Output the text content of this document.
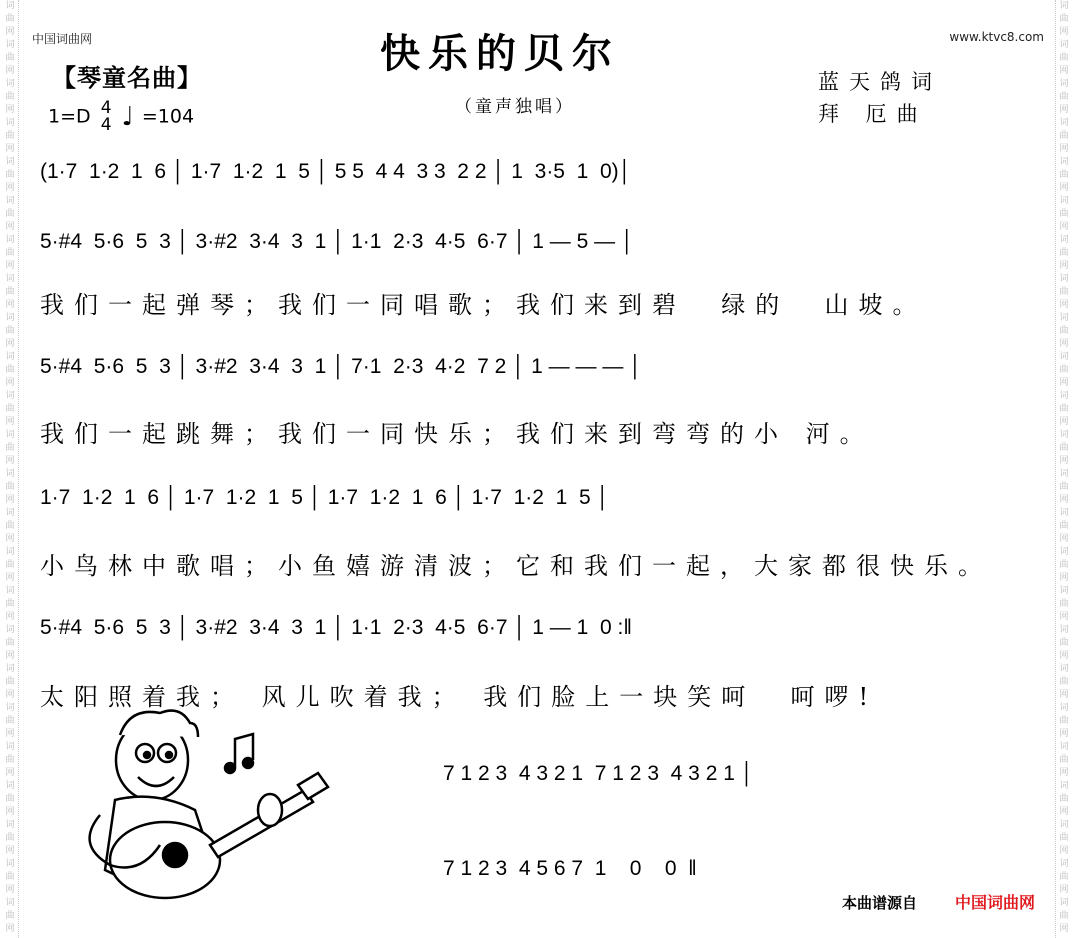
词
曲
网
词
曲
网
词
曲
网
词
曲
网
词
曲
网
词
曲
网
词
曲
网
词
曲
网
词
曲
网
词
曲
网
词
曲
网
词
曲
网
词
曲
网
词
曲
网
词
曲
网
词
曲
网
词
曲
网
词
曲
网
词
曲
网
词
曲
网
词
曲
网
词
曲
网
词
曲
网
词
曲
网
词
曲
网
词
曲
网
词
曲
网
词
曲
网
词
曲
网
词
曲
网
词
曲
网
词
曲
网
词
曲
网
词
曲
网
词
曲
网
词
曲
网
词
曲
网
词
曲
网
词
曲
网
词
曲
网
词
曲
网
词
曲
网
词
曲
网
词
曲
网
词
曲
网
词
曲
网
词
曲
网
词
曲
网
中国词曲网	www.ktvc8.com
快乐的贝尔
【琴童名曲】
（童声独唱）
蓝天鸽词
拜 厄曲
1=D 4
4 ♩ =104
(1·7  1·2  1  6 │ 1·7  1·2  1  5 │ 5 5  4 4  3 3  2 2 │ 1  3·5  1  0)│
5·#4  5·6  5  3 │ 3·#2  3·4  3  1 │ 1·1  2·3  4·5  6·7 │ 1 — 5 — │
我们一起弹琴；我们一同唱歌；我们来到碧  绿的  山坡。
5·#4  5·6  5  3 │ 3·#2  3·4  3  1 │ 7·1  2·3  4·2  7 2 │ 1 — — — │
我们一起跳舞；我们一同快乐；我们来到弯弯的小 河。
1·7  1·2  1  6 │ 1·7  1·2  1  5 │ 1·7  1·2  1  6 │ 1·7  1·2  1  5 │
小鸟林中歌唱；小鱼嬉游清波；它和我们一起，大家都很快乐。
5·#4  5·6  5  3 │ 3·#2  3·4  3  1 │ 1·1  2·3  4·5  6·7 │ 1 — 1  0 :‖
太阳照着我； 风儿吹着我； 我们脸上一块笑呵  呵啰!
7 1 2 3  4 3 2 1  7 1 2 3  4 3 2 1 │
7 1 2 3  4 5 6 7  1    0    0  ‖
本曲谱源自 中国词曲网
